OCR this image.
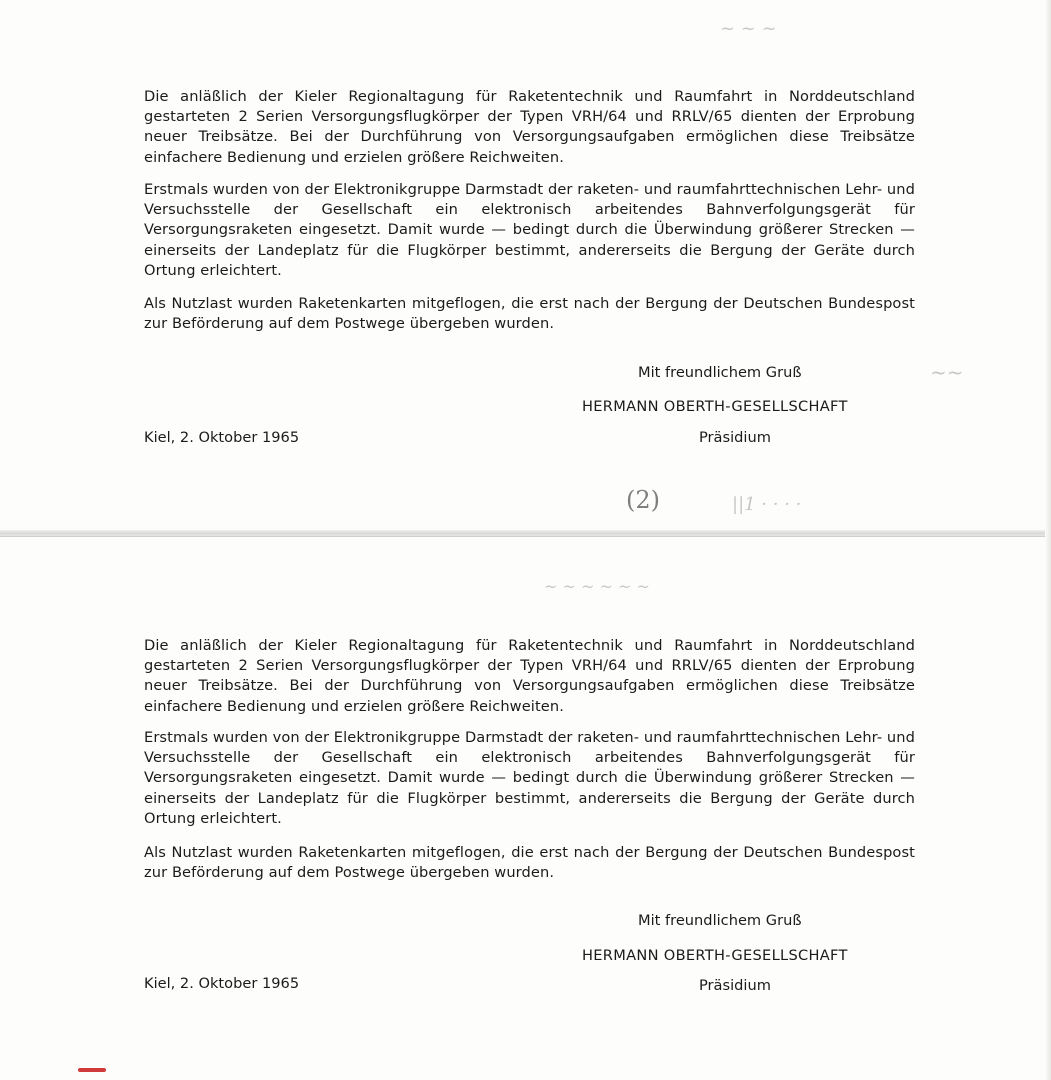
~ ~ ~
~~

Die anläßlich der Kieler Regionaltagung für Raketentechnik und Raumfahrt in Norddeutschland gestarteten 2 Serien Versorgungsflugkörper der Typen VRH/64 und RRLV/65 dienten der Erprobung neuer Treibsätze. Bei der Durchführung von Versorgungsaufgaben ermöglichen diese Treibsätze einfachere Bedienung und erzielen größere Reichweiten.

Erstmals wurden von der Elektronikgruppe Darmstadt der raketen- und raumfahrttechnischen Lehr- und Versuchsstelle der Gesellschaft ein elektronisch arbeitendes Bahnverfolgungsgerät für Versorgungsraketen eingesetzt. Damit wurde — bedingt durch die Überwindung größerer Strecken — einerseits der Landeplatz für die Flugkörper bestimmt, andererseits die Bergung der Geräte durch Ortung erleichtert.

Als Nutzlast wurden Raketenkarten mitgeflogen, die erst nach der Bergung der Deutschen Bundespost zur Beförderung auf dem Postwege übergeben wurden.

Mit freundlichem Gruß

HERMANN OBERTH-GESELLSCHAFT

Kiel, 2. Oktober 1965	Präsidium

(2)	||1 · · · ·
~ ~ ~ ~ ~ ~

Die anläßlich der Kieler Regionaltagung für Raketentechnik und Raumfahrt in Norddeutschland gestarteten 2 Serien Versorgungsflugkörper der Typen VRH/64 und RRLV/65 dienten der Erprobung neuer Treibsätze. Bei der Durchführung von Versorgungsaufgaben ermöglichen diese Treibsätze einfachere Bedienung und erzielen größere Reichweiten.

Erstmals wurden von der Elektronikgruppe Darmstadt der raketen- und raumfahrttechnischen Lehr- und Versuchsstelle der Gesellschaft ein elektronisch arbeitendes Bahnverfolgungsgerät für Versorgungsraketen eingesetzt. Damit wurde — bedingt durch die Überwindung größerer Strecken — einerseits der Landeplatz für die Flugkörper bestimmt, andererseits die Bergung der Geräte durch Ortung erleichtert.

Als Nutzlast wurden Raketenkarten mitgeflogen, die erst nach der Bergung der Deutschen Bundespost zur Beförderung auf dem Postwege übergeben wurden.

Mit freundlichem Gruß

HERMANN OBERTH-GESELLSCHAFT

Kiel, 2. Oktober 1965	Präsidium
